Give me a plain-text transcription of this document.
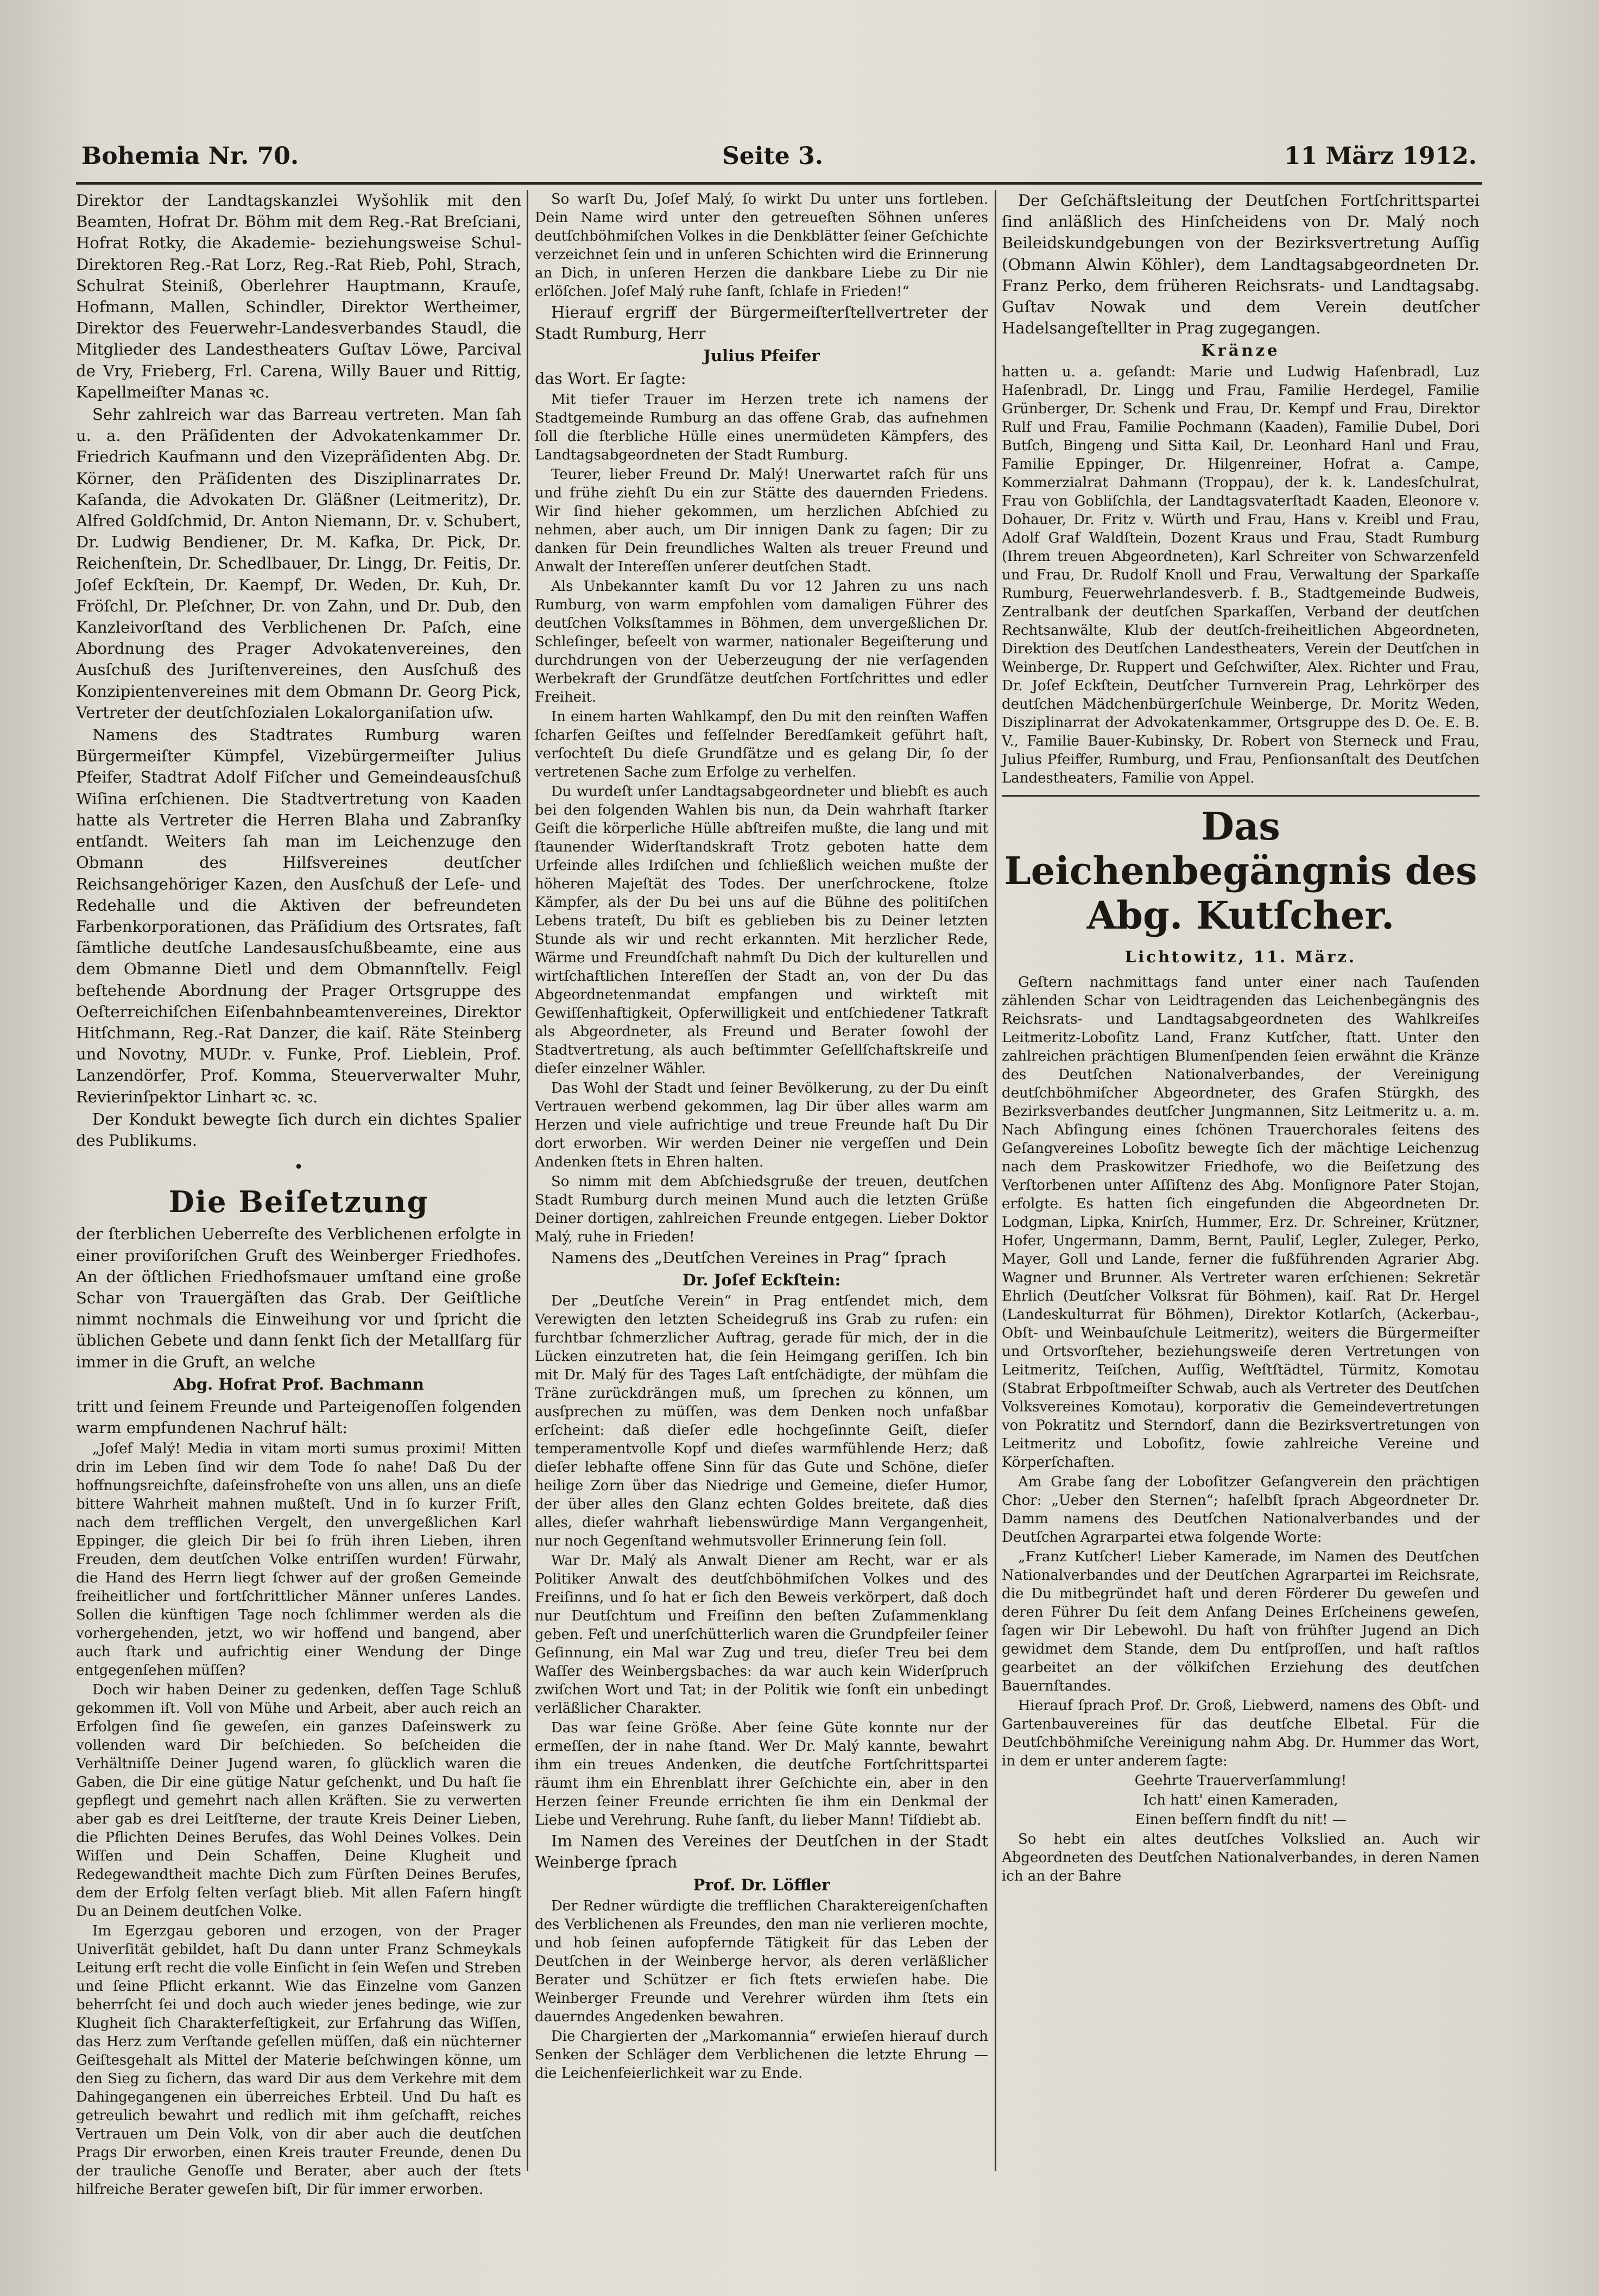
Bohemia Nr. 70.	Seite 3.	11 März 1912.

Direktor der Landtagskanzlei Wyšohlik mit den Beamten, Hofrat Dr. Böhm mit dem Reg.-Rat Breſciani, Hofrat Rotky, die Akademie- beziehungsweise Schul-Direktoren Reg.-Rat Lorz, Reg.-Rat Rieb, Pohl, Strach, Schulrat Steiniß, Oberlehrer Hauptmann, Krauſe, Hofmann, Mallen, Schindler, Direktor Wertheimer, Direktor des Feuerwehr-Landesverbandes Staudl, die Mitglieder des Landestheaters Guſtav Löwe, Parcival de Vry, Frieberg, Frl. Carena, Willy Bauer und Rittig, Kapellmeiſter Manas ꝛc.

Sehr zahlreich war das Barreau vertreten. Man ſah u. a. den Präſidenten der Advokatenkammer Dr. Friedrich Kaufmann und den Vizepräſidenten Abg. Dr. Körner, den Präſidenten des Disziplinarrates Dr. Kaſanda, die Advokaten Dr. Gläßner (Leitmeritz), Dr. Alfred Goldſchmid, Dr. Anton Niemann, Dr. v. Schubert, Dr. Ludwig Bendiener, Dr. M. Kafka, Dr. Pick, Dr. Reichenſtein, Dr. Schedlbauer, Dr. Lingg, Dr. Feitis, Dr. Joſef Eckſtein, Dr. Kaempf, Dr. Weden, Dr. Kuh, Dr. Fröſchl, Dr. Pleſchner, Dr. von Zahn, und Dr. Dub, den Kanzleivorſtand des Verblichenen Dr. Paſch, eine Abordnung des Prager Advokatenvereines, den Ausſchuß des Juriſtenvereines, den Ausſchuß des Konzipientenvereines mit dem Obmann Dr. Georg Pick, Vertreter der deutſchſozialen Lokalorganiſation uſw.

Namens des Stadtrates Rumburg waren Bürgermeiſter Kümpfel, Vizebürgermeiſter Julius Pfeifer, Stadtrat Adolf Fiſcher und Gemeindeausſchuß Wiſina erſchienen. Die Stadtvertretung von Kaaden hatte als Vertreter die Herren Blaha und Zabranſky entſandt. Weiters ſah man im Leichenzuge den Obmann des Hilfsvereines deutſcher Reichsangehöriger Kazen, den Ausſchuß der Leſe- und Redehalle und die Aktiven der befreundeten Farbenkorporationen, das Präſidium des Ortsrates, faſt ſämtliche deutſche Landesausſchußbeamte, eine aus dem Obmanne Dietl und dem Obmannſtellv. Feigl beſtehende Abordnung der Prager Ortsgruppe des Oeſterreichiſchen Eiſenbahnbeamtenvereines, Direktor Hitſchmann, Reg.-Rat Danzer, die kaiſ. Räte Steinberg und Novotny, MUDr. v. Funke, Prof. Lieblein, Prof. Lanzendörfer, Prof. Komma, Steuerverwalter Muhr, Revierinſpektor Linhart ꝛc. ꝛc.

Der Kondukt bewegte ſich durch ein dichtes Spalier des Publikums.

•
Die Beiſetzung

der ſterblichen Ueberreſte des Verblichenen erfolgte in einer proviſoriſchen Gruft des Weinberger Friedhofes. An der öſtlichen Friedhofsmauer umſtand eine große Schar von Trauergäſten das Grab. Der Geiſtliche nimmt nochmals die Einweihung vor und ſpricht die üblichen Gebete und dann ſenkt ſich der Metallſarg für immer in die Gruft, an welche

Abg. Hofrat Prof. Bachmann

tritt und ſeinem Freunde und Parteigenoſſen folgenden warm empfundenen Nachruf hält:

„Joſef Malý! Media in vitam morti sumus proximi! Mitten drin im Leben ſind wir dem Tode ſo nahe! Daß Du der hoffnungsreichſte, daſeinsfroheſte von uns allen, uns an dieſe bittere Wahrheit mahnen mußteſt. Und in ſo kurzer Friſt, nach dem trefflichen Vergelt, den unvergeßlichen Karl Eppinger, die gleich Dir bei ſo früh ihren Lieben, ihren Freuden, dem deutſchen Volke entriſſen wurden! Fürwahr, die Hand des Herrn liegt ſchwer auf der großen Gemeinde freiheitlicher und fortſchrittlicher Männer unſeres Landes. Sollen die künftigen Tage noch ſchlimmer werden als die vorhergehenden, jetzt, wo wir hoffend und bangend, aber auch ſtark und aufrichtig einer Wendung der Dinge entgegenſehen müſſen?

Doch wir haben Deiner zu gedenken, deſſen Tage Schluß gekommen iſt. Voll von Mühe und Arbeit, aber auch reich an Erfolgen ſind ſie geweſen, ein ganzes Daſeinswerk zu vollenden ward Dir beſchieden. So beſcheiden die Verhältniſſe Deiner Jugend waren, ſo glücklich waren die Gaben, die Dir eine gütige Natur geſchenkt, und Du haſt ſie gepflegt und gemehrt nach allen Kräften. Sie zu verwerten aber gab es drei Leitſterne, der traute Kreis Deiner Lieben, die Pflichten Deines Berufes, das Wohl Deines Volkes. Dein Wiſſen und Dein Schaffen, Deine Klugheit und Redegewandtheit machte Dich zum Fürſten Deines Berufes, dem der Erfolg ſelten verſagt blieb. Mit allen Faſern hingſt Du an Deinem deutſchen Volke.

Im Egerzgau geboren und erzogen, von der Prager Univerſität gebildet, haſt Du dann unter Franz Schmeykals Leitung erſt recht die volle Einſicht in ſein Weſen und Streben und ſeine Pflicht erkannt. Wie das Einzelne vom Ganzen beherrſcht ſei und doch auch wieder jenes bedinge, wie zur Klugheit ſich Charakterfeſtigkeit, zur Erfahrung das Wiſſen, das Herz zum Verſtande geſellen müſſen, daß ein nüchterner Geiſtesgehalt als Mittel der Materie beſchwingen könne, um den Sieg zu ſichern, das ward Dir aus dem Verkehre mit dem Dahingegangenen ein überreiches Erbteil. Und Du haſt es getreulich bewahrt und redlich mit ihm geſchafft, reiches Vertrauen um Dein Volk, von dir aber auch die deutſchen Prags Dir erworben, einen Kreis trauter Freunde, denen Du der trauliche Genoſſe und Berater, aber auch der ſtets hilfreiche Berater geweſen biſt, Dir für immer erworben.

So warſt Du, Joſef Malý, ſo wirkt Du unter uns fortleben. Dein Name wird unter den getreueſten Söhnen unſeres deutſchböhmiſchen Volkes in die Denkblätter ſeiner Geſchichte verzeichnet ſein und in unſeren Schichten wird die Erinnerung an Dich, in unſeren Herzen die dankbare Liebe zu Dir nie erlöſchen. Joſef Malý ruhe ſanft, ſchlafe in Frieden!“

Hierauf ergriff der Bürgermeiſterſtellvertreter der Stadt Rumburg, Herr

Julius Pfeifer

das Wort. Er ſagte:

Mit tiefer Trauer im Herzen trete ich namens der Stadtgemeinde Rumburg an das offene Grab, das aufnehmen ſoll die ſterbliche Hülle eines unermüdeten Kämpfers, des Landtagsabgeordneten der Stadt Rumburg.

Teurer, lieber Freund Dr. Malý! Unerwartet raſch für uns und frühe ziehſt Du ein zur Stätte des dauernden Friedens. Wir ſind hieher gekommen, um herzlichen Abſchied zu nehmen, aber auch, um Dir innigen Dank zu ſagen; Dir zu danken für Dein freundliches Walten als treuer Freund und Anwalt der Intereſſen unſerer deutſchen Stadt.

Als Unbekannter kamſt Du vor 12 Jahren zu uns nach Rumburg, von warm empfohlen vom damaligen Führer des deutſchen Volksſtammes in Böhmen, dem unvergeßlichen Dr. Schleſinger, beſeelt von warmer, nationaler Begeiſterung und durchdrungen von der Ueberzeugung der nie verſagenden Werbekraft der Grundſätze deutſchen Fortſchrittes und edler Freiheit.

In einem harten Wahlkampf, den Du mit den reinſten Waffen ſcharfen Geiſtes und feſſelnder Beredſamkeit geführt haſt, verſochteſt Du dieſe Grundſätze und es gelang Dir, ſo der vertretenen Sache zum Erfolge zu verhelfen.

Du wurdeſt unſer Landtagsabgeordneter und bliebſt es auch bei den folgenden Wahlen bis nun, da Dein wahrhaft ſtarker Geiſt die körperliche Hülle abſtreifen mußte, die lang und mit ſtaunender Widerſtandskraft Trotz geboten hatte dem Urfeinde alles Irdiſchen und ſchließlich weichen mußte der höheren Majeſtät des Todes. Der unerſchrockene, ſtolze Kämpfer, als der Du bei uns auf die Bühne des politiſchen Lebens trateſt, Du biſt es geblieben bis zu Deiner letzten Stunde als wir und recht erkannten. Mit herzlicher Rede, Wärme und Freundſchaft nahmſt Du Dich der kulturellen und wirtſchaftlichen Intereſſen der Stadt an, von der Du das Abgeordnetenmandat empfangen und wirkteſt mit Gewiſſenhaftigkeit, Opferwilligkeit und entſchiedener Tatkraft als Abgeordneter, als Freund und Berater ſowohl der Stadtvertretung, als auch beſtimmter Geſellſchaftskreiſe und dieſer einzelner Wähler.

Das Wohl der Stadt und ſeiner Bevölkerung, zu der Du einſt Vertrauen werbend gekommen, lag Dir über alles warm am Herzen und viele aufrichtige und treue Freunde haſt Du Dir dort erworben. Wir werden Deiner nie vergeſſen und Dein Andenken ſtets in Ehren halten.

So nimm mit dem Abſchiedsgruße der treuen, deutſchen Stadt Rumburg durch meinen Mund auch die letzten Grüße Deiner dortigen, zahlreichen Freunde entgegen. Lieber Doktor Malý, ruhe in Frieden!

Namens des „Deutſchen Vereines in Prag“ ſprach

Dr. Joſef Eckſtein:

Der „Deutſche Verein“ in Prag entſendet mich, dem Verewigten den letzten Scheidegruß ins Grab zu rufen: ein furchtbar ſchmerzlicher Auftrag, gerade für mich, der in die Lücken einzutreten hat, die ſein Heimgang geriſſen. Ich bin mit Dr. Malý für des Tages Laſt entſchädigte, der mühſam die Träne zurückdrängen muß, um ſprechen zu können, um ausſprechen zu müſſen, was dem Denken noch unfaßbar erſcheint: daß dieſer edle hochgeſinnte Geiſt, dieſer temperamentvolle Kopf und dieſes warmfühlende Herz; daß dieſer lebhafte offene Sinn für das Gute und Schöne, dieſer heilige Zorn über das Niedrige und Gemeine, dieſer Humor, der über alles den Glanz echten Goldes breitete, daß dies alles, dieſer wahrhaft liebenswürdige Mann Vergangenheit, nur noch Gegenſtand wehmutsvoller Erinnerung ſein ſoll.

War Dr. Malý als Anwalt Diener am Recht, war er als Politiker Anwalt des deutſchböhmiſchen Volkes und des Freiſinns, und ſo hat er ſich den Beweis verkörpert, daß doch nur Deutſchtum und Freiſinn den beſten Zuſammenklang geben. Feſt und unerſchütterlich waren die Grundpfeiler ſeiner Geſinnung, ein Mal war Zug und treu, dieſer Treu bei dem Waſſer des Weinbergsbaches: da war auch kein Widerſpruch zwiſchen Wort und Tat; in der Politik wie ſonſt ein unbedingt verläßlicher Charakter.

Das war ſeine Größe. Aber ſeine Güte konnte nur der ermeſſen, der in nahe ſtand. Wer Dr. Malý kannte, bewahrt ihm ein treues Andenken, die deutſche Fortſchrittspartei räumt ihm ein Ehrenblatt ihrer Geſchichte ein, aber in den Herzen ſeiner Freunde errichten ſie ihm ein Denkmal der Liebe und Verehrung. Ruhe ſanft, du lieber Mann! Tiſdiebt ab.

Im Namen des Vereines der Deutſchen in der Stadt Weinberge ſprach

Prof. Dr. Löffler

Der Redner würdigte die trefflichen Charaktereigenſchaften des Verblichenen als Freundes, den man nie verlieren mochte, und hob ſeinen aufopfernde Tätigkeit für das Leben der Deutſchen in der Weinberge hervor, als deren verläßlicher Berater und Schützer er ſich ſtets erwieſen habe. Die Weinberger Freunde und Verehrer würden ihm ſtets ein dauerndes Angedenken bewahren.

Die Chargierten der „Markomannia“ erwieſen hierauf durch Senken der Schläger dem Verblichenen die letzte Ehrung — die Leichenfeierlichkeit war zu Ende.

Der Geſchäftsleitung der Deutſchen Fortſchrittspartei ſind anläßlich des Hinſcheidens von Dr. Malý noch Beileidskundgebungen von der Bezirksvertretung Auſſig (Obmann Alwin Köhler), dem Landtagsabgeordneten Dr. Franz Perko, dem früheren Reichsrats- und Landtagsabg. Guſtav Nowak und dem Verein deutſcher Hadelsangeſtellter in Prag zugegangen.

Kränze

hatten u. a. geſandt: Marie und Ludwig Haſenbradl, Luz Haſenbradl, Dr. Lingg und Frau, Familie Herdegel, Familie Grünberger, Dr. Schenk und Frau, Dr. Kempf und Frau, Direktor Rulf und Frau, Familie Pochmann (Kaaden), Familie Dubel, Dori Butſch, Bingeng und Sitta Kail, Dr. Leonhard Hanl und Frau, Familie Eppinger, Dr. Hilgenreiner, Hofrat a. Campe, Kommerzialrat Dahmann (Troppau), der k. k. Landesſchulrat, Frau von Gobliſchla, der Landtagsvaterſtadt Kaaden, Eleonore v. Dohauer, Dr. Fritz v. Würth und Frau, Hans v. Kreibl und Frau, Adolf Graf Waldſtein, Dozent Kraus und Frau, Stadt Rumburg (Ihrem treuen Abgeordneten), Karl Schreiter von Schwarzenfeld und Frau, Dr. Rudolf Knoll und Frau, Verwaltung der Sparkaſſe Rumburg, Feuerwehrlandesverb. f. B., Stadtgemeinde Budweis, Zentralbank der deutſchen Sparkaſſen, Verband der deutſchen Rechtsanwälte, Klub der deutſch-freiheitlichen Abgeordneten, Direktion des Deutſchen Landestheaters, Verein der Deutſchen in Weinberge, Dr. Ruppert und Geſchwiſter, Alex. Richter und Frau, Dr. Joſef Eckſtein, Deutſcher Turnverein Prag, Lehrkörper des deutſchen Mädchenbürgerſchule Weinberge, Dr. Moritz Weden, Disziplinarrat der Advokatenkammer, Ortsgruppe des D. Oe. E. B. V., Familie Bauer-Kubinsky, Dr. Robert von Sterneck und Frau, Julius Pfeiffer, Rumburg, und Frau, Penſionsanſtalt des Deutſchen Landestheaters, Familie von Appel.

Das Leichenbegängnis des Abg. Kutſcher.
Lichtowitz, 11. März.

Geſtern nachmittags fand unter einer nach Tauſenden zählenden Schar von Leidtragenden das Leichenbegängnis des Reichsrats- und Landtagsabgeordneten des Wahlkreiſes Leitmeritz-Loboſitz Land, Franz Kutſcher, ſtatt. Unter den zahlreichen prächtigen Blumenſpenden ſeien erwähnt die Kränze des Deutſchen Nationalverbandes, der Vereinigung deutſchböhmiſcher Abgeordneter, des Grafen Stürgkh, des Bezirksverbandes deutſcher Jungmannen, Sitz Leitmeritz u. a. m. Nach Abſingung eines ſchönen Trauerchorales ſeitens des Geſangvereines Loboſitz bewegte ſich der mächtige Leichenzug nach dem Praskowitzer Friedhofe, wo die Beiſetzung des Verſtorbenen unter Aſſiſtenz des Abg. Monſignore Pater Stojan, erfolgte. Es hatten ſich eingefunden die Abgeordneten Dr. Lodgman, Lipka, Knirſch, Hummer, Erz. Dr. Schreiner, Krützner, Hofer, Ungermann, Damm, Bernt, Pauliſ, Legler, Zuleger, Perko, Mayer, Goll und Lande, ferner die fußführenden Agrarier Abg. Wagner und Brunner. Als Vertreter waren erſchienen: Sekretär Ehrlich (Deutſcher Volksrat für Böhmen), kaiſ. Rat Dr. Hergel (Landeskulturrat für Böhmen), Direktor Kotlarſch, (Ackerbau-, Obſt- und Weinbauſchule Leitmeritz), weiters die Bürgermeiſter und Ortsvorſteher, beziehungsweiſe deren Vertretungen von Leitmeritz, Teiſchen, Auſſig, Weſtſtädtel, Türmitz, Komotau (Stabrat Erbpoſtmeiſter Schwab, auch als Vertreter des Deutſchen Volksvereines Komotau), korporativ die Gemeindevertretungen von Pokratitz und Sterndorf, dann die Bezirksvertretungen von Leitmeritz und Loboſitz, ſowie zahlreiche Vereine und Körperſchaften.

Am Grabe ſang der Loboſitzer Geſangverein den prächtigen Chor: „Ueber den Sternen“; haſelbſt ſprach Abgeordneter Dr. Damm namens des Deutſchen Nationalverbandes und der Deutſchen Agrarpartei etwa folgende Worte:

„Franz Kutſcher! Lieber Kamerade, im Namen des Deutſchen Nationalverbandes und der Deutſchen Agrarpartei im Reichsrate, die Du mitbegründet haſt und deren Förderer Du geweſen und deren Führer Du ſeit dem Anfang Deines Erſcheinens geweſen, ſagen wir Dir Lebewohl. Du haſt von frühſter Jugend an Dich gewidmet dem Stande, dem Du entſproſſen, und haſt raſtlos gearbeitet an der völkiſchen Erziehung des deutſchen Bauernſtandes.

Hierauf ſprach Prof. Dr. Groß, Liebwerd, namens des Obſt- und Gartenbauvereines für das deutſche Elbetal. Für die Deutſchböhmiſche Vereinigung nahm Abg. Dr. Hummer das Wort, in dem er unter anderem ſagte:

Geehrte Trauerverſammlung!

Ich hatt' einen Kameraden,

Einen beſſern findſt du nit! —

So hebt ein altes deutſches Volkslied an. Auch wir Abgeordneten des Deutſchen Nationalverbandes, in deren Namen ich an der Bahre
